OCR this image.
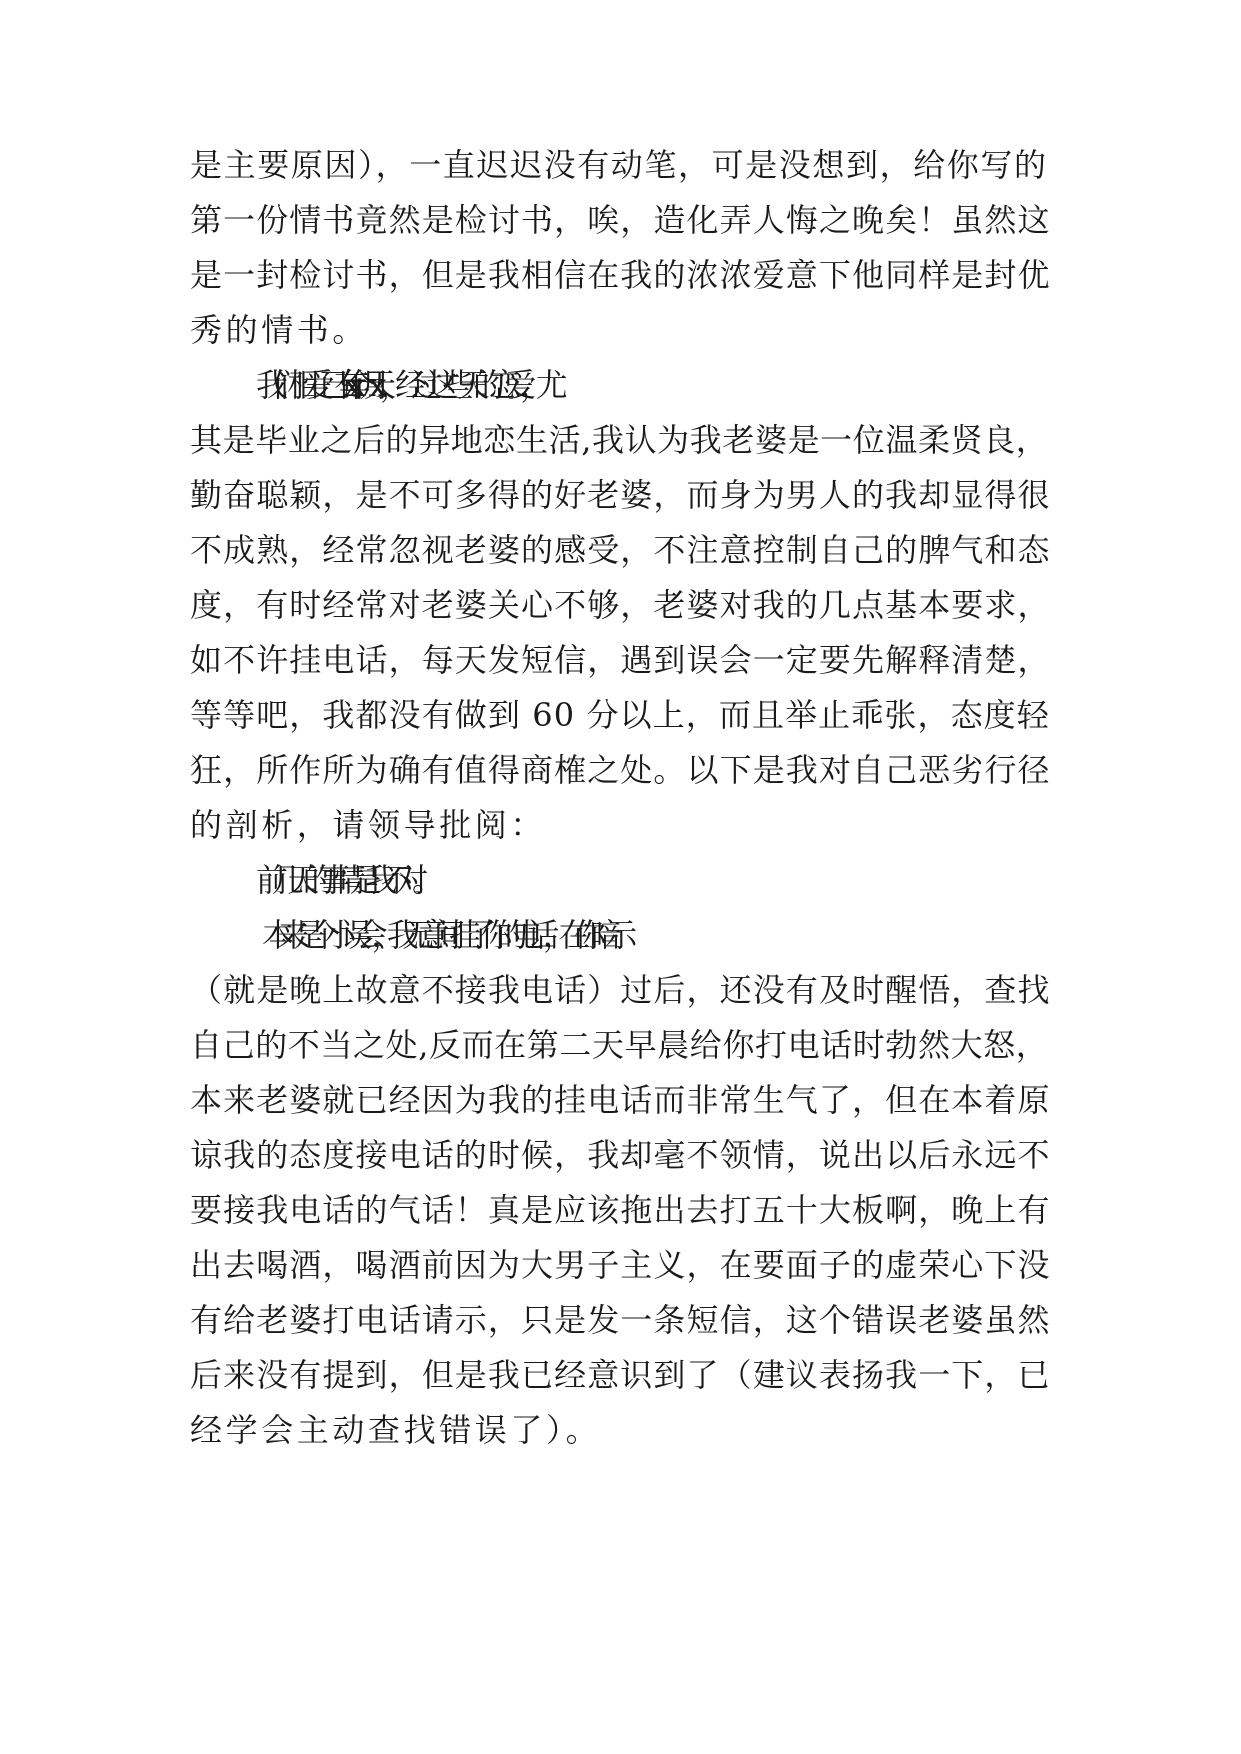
是主要原因），一直迟迟没有动笔，可是没想到，给你写的
第一份情书竟然是检讨书，唉，造化弄人悔之晚矣！虽然这
是一封检讨书，但是我相信在我的浓浓爱意下他同样是封优
秀的情书。
我们相爱已有 x 年 x 个月 x 天，经过这些天的恋爱，尤
其是毕业之后的异地恋生活,我认为我老婆是一位温柔贤良，
勤奋聪颖，是不可多得的好老婆，而身为男人的我却显得很
不成熟，经常忽视老婆的感受，不注意控制自己的脾气和态
度，有时经常对老婆关心不够，老婆对我的几点基本要求，
如不许挂电话，每天发短信，遇到误会一定要先解释清楚，
等等吧，我都没有做到 60 分以上，而且举止乖张，态度轻
狂，所作所为确有值得商榷之处。以下是我对自己恶劣行径
的剖析，请领导批阅：
前几天的事情是我不对。
本来是个小误会，我无意间挂了你的电话，在你暗示
（就是晚上故意不接我电话）过后，还没有及时醒悟，查找
自己的不当之处,反而在第二天早晨给你打电话时勃然大怒，
本来老婆就已经因为我的挂电话而非常生气了，但在本着原
谅我的态度接电话的时候，我却毫不领情，说出以后永远不
要接我电话的气话！真是应该拖出去打五十大板啊，晚上有
出去喝酒，喝酒前因为大男子主义，在要面子的虚荣心下没
有给老婆打电话请示，只是发一条短信，这个错误老婆虽然
后来没有提到，但是我已经意识到了（建议表扬我一下，已
经学会主动查找错误了）。
